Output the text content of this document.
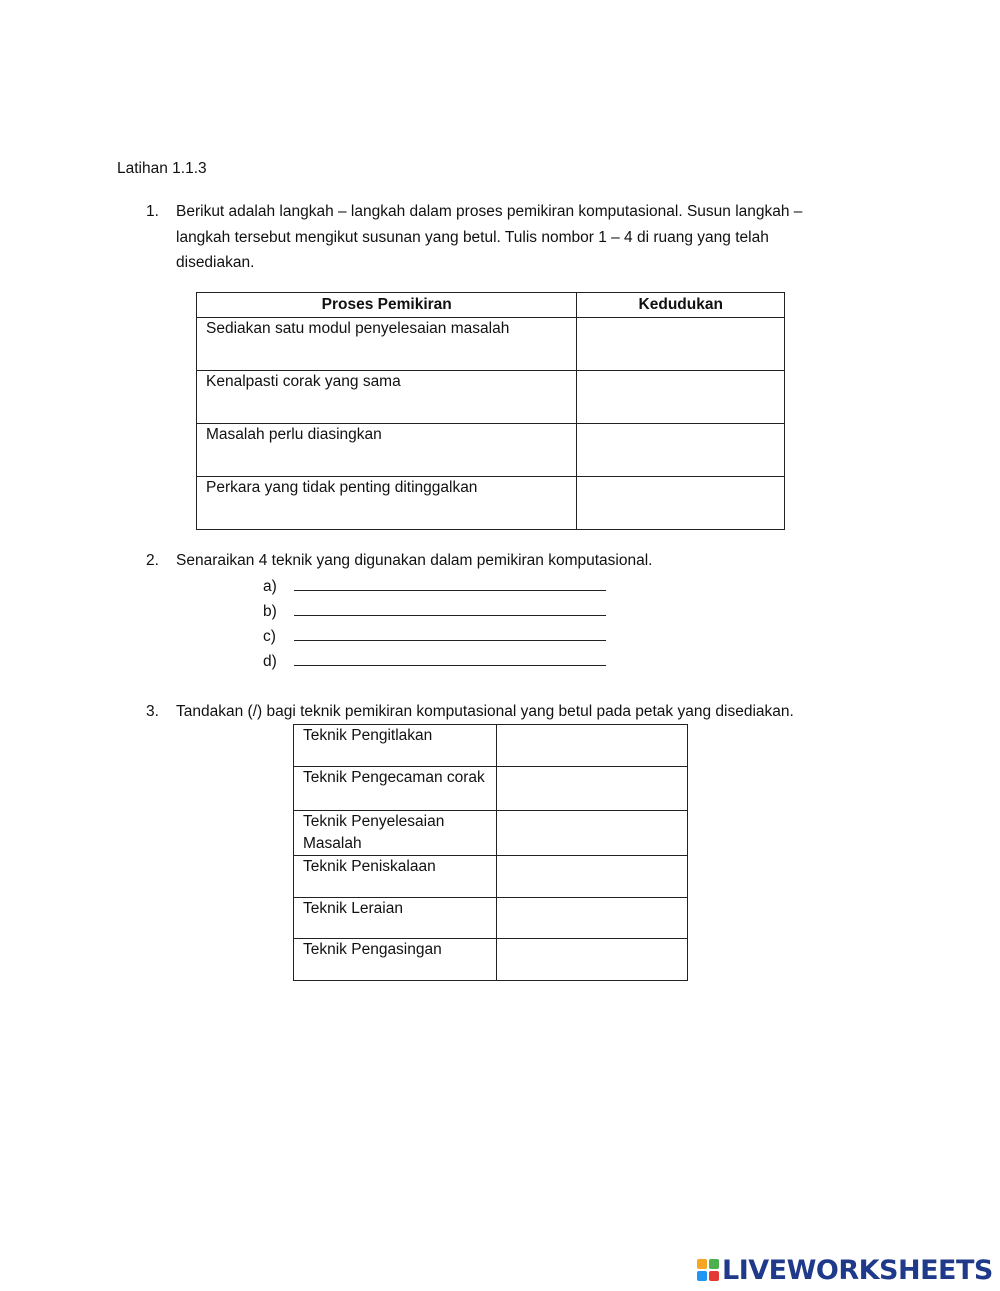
Latihan 1.1.3
1.	Berikut adalah langkah – langkah dalam proses pemikiran komputasional. Susun langkah –
langkah tersebut mengikut susunan yang betul. Tulis nombor 1 – 4 di ruang yang telah
disediakan.
Proses Pemikiran	Kedudukan
Sediakan satu modul penyelesaian masalah	
Kenalpasti corak yang sama	
Masalah perlu diasingkan	
Perkara yang tidak penting ditinggalkan	
2.	Senaraikan 4 teknik yang digunakan dalam pemikiran komputasional.
a)
b)
c)
d)
3.	Tandakan (/) bagi teknik pemikiran komputasional yang betul pada petak yang disediakan.
Teknik Pengitlakan	
Teknik Pengecaman corak	
Teknik Penyelesaian Masalah	
Teknik Peniskalaan	
Teknik Leraian	
Teknik Pengasingan	
LIVEWORKSHEETS
